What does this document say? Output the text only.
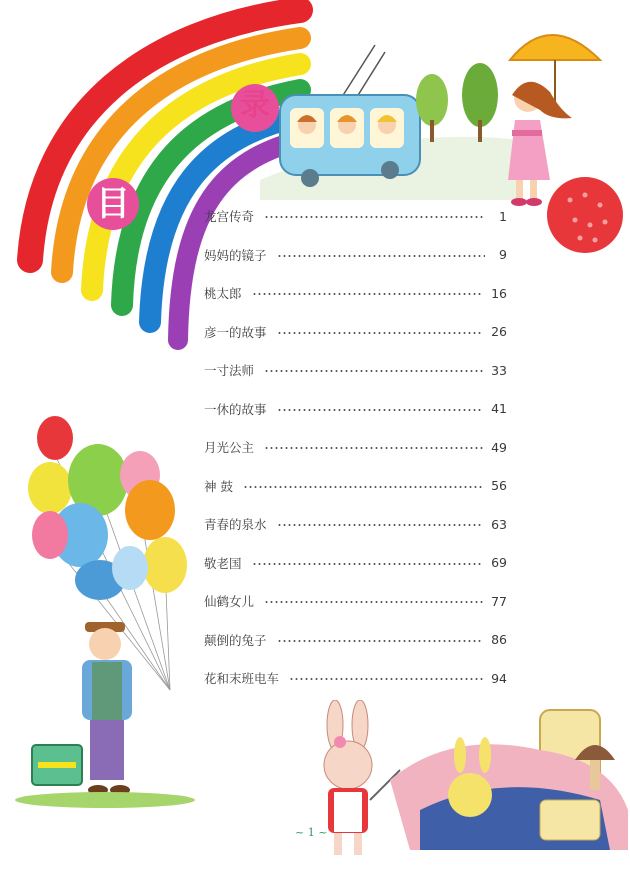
目
录
龙宫传奇	1
妈妈的镜子	9
桃太郎	16
彦一的故事	26
一寸法师	33
一休的故事	41
月光公主	49
神 鼓	56
青春的泉水	63
敬老国	69
仙鹤女儿	77
颠倒的兔子	86
花和末班电车	94
~ 1 ~
